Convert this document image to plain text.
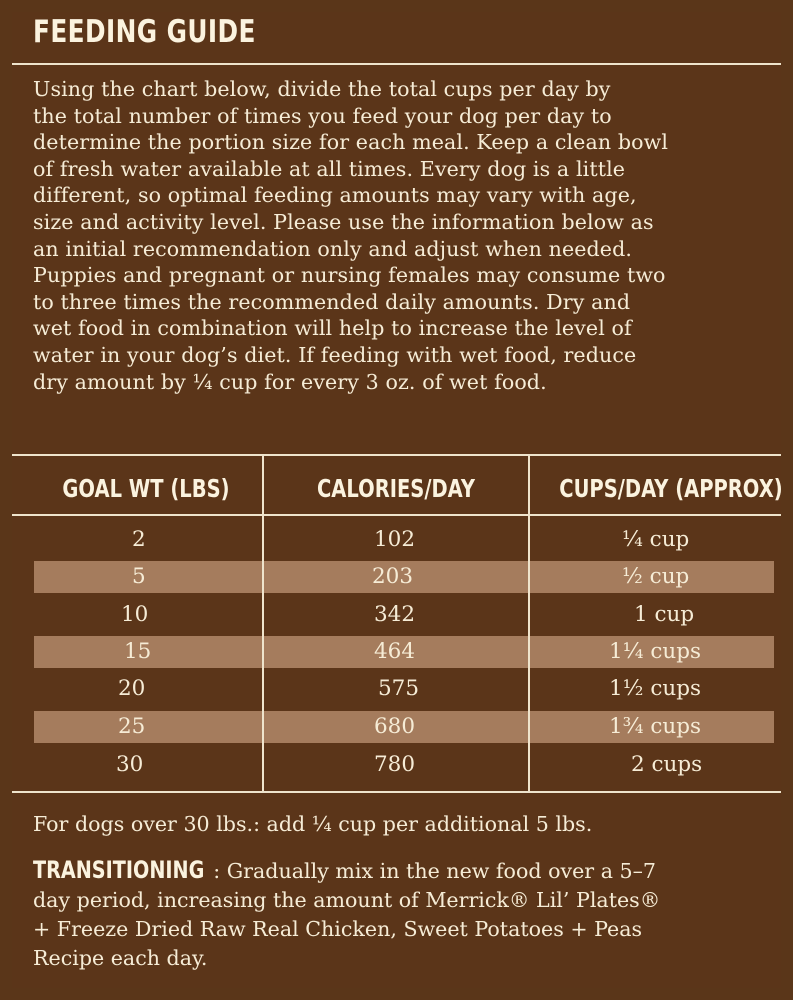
FEEDING GUIDE
Using the chart below, divide the total cups per day by
the total number of times you feed your dog per day to
determine the portion size for each meal. Keep a clean bowl
of fresh water available at all times. Every dog is a little
different, so optimal feeding amounts may vary with age,
size and activity level. Please use the information below as
an initial recommendation only and adjust when needed.
Puppies and pregnant or nursing females may consume two
to three times the recommended daily amounts. Dry and
wet food in combination will help to increase the level of
water in your dog’s diet. If feeding with wet food, reduce
dry amount by ¼ cup for every 3 oz. of wet food.
GOAL WT (LBS)	CALORIES/DAY	CUPS/DAY (APPROX)
2	102	¼ cup
5	203	½ cup
10	342	1 cup
15	464	1¼ cups
20	575	1½ cups
25	680	1¾ cups
30	780	2 cups
For dogs over 30 lbs.: add ¼ cup per additional 5 lbs.
TRANSITIONING : Gradually mix in the new food over a 5–7
day period, increasing the amount of Merrick® Lil’ Plates®
+ Freeze Dried Raw Real Chicken, Sweet Potatoes + Peas
Recipe each day.
